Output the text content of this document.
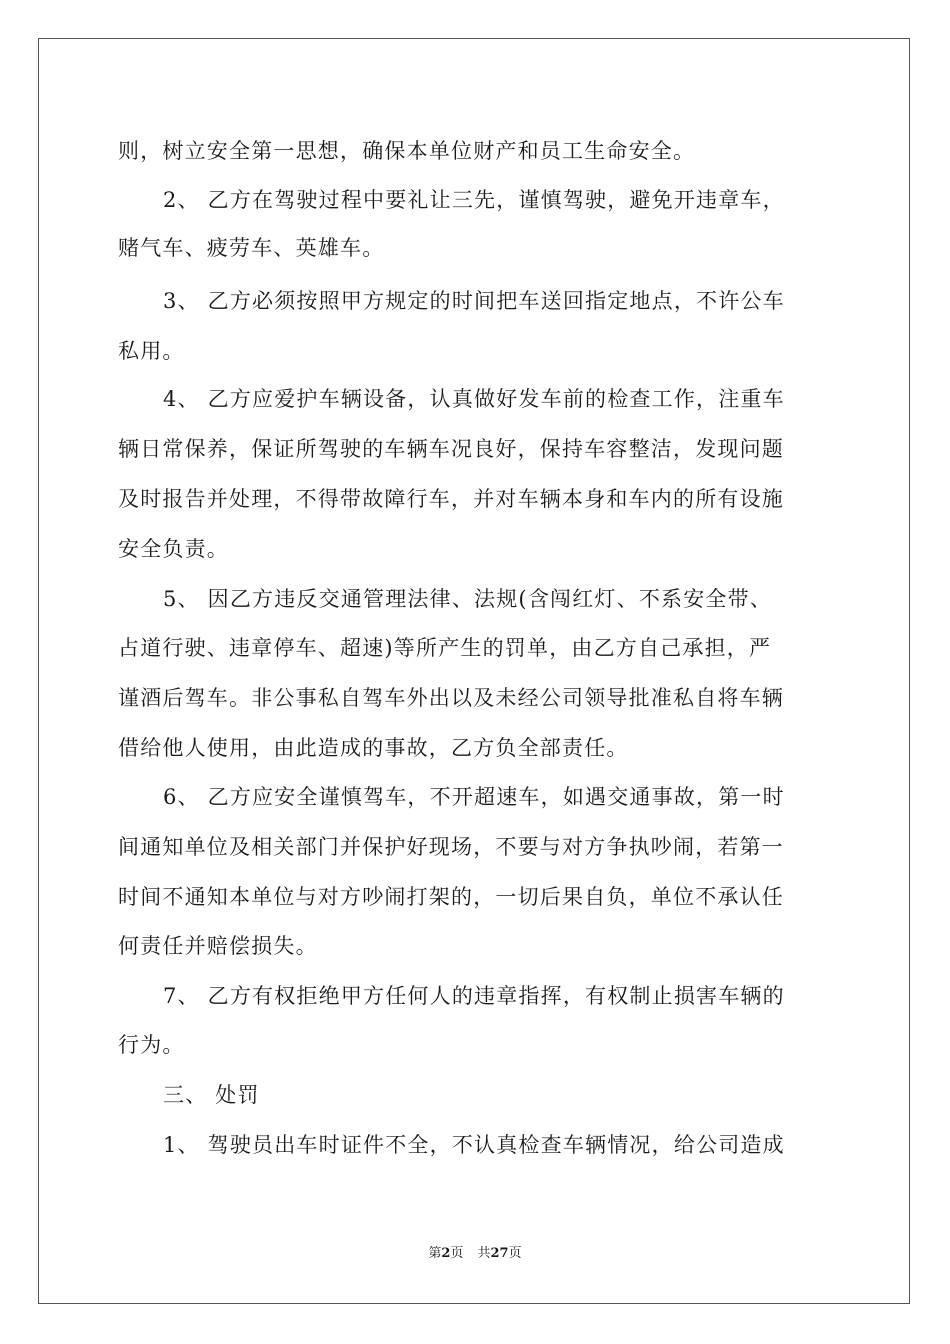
则，树立安全第一思想，确保本单位财产和员工生命安全。
2、 乙方在驾驶过程中要礼让三先，谨慎驾驶，避免开违章车，
赌气车、疲劳车、英雄车。
3、 乙方必须按照甲方规定的时间把车送回指定地点，不许公车
私用。
4、 乙方应爱护车辆设备，认真做好发车前的检查工作，注重车
辆日常保养，保证所驾驶的车辆车况良好，保持车容整洁，发现问题
及时报告并处理，不得带故障行车，并对车辆本身和车内的所有设施
安全负责。
5、 因乙方违反交通管理法律、法规(含闯红灯、不系安全带、
占道行驶、违章停车、超速)等所产生的罚单，由乙方自己承担，严
谨酒后驾车。非公事私自驾车外出以及未经公司领导批准私自将车辆
借给他人使用，由此造成的事故，乙方负全部责任。
6、 乙方应安全谨慎驾车，不开超速车，如遇交通事故，第一时
间通知单位及相关部门并保护好现场，不要与对方争执吵闹，若第一
时间不通知本单位与对方吵闹打架的，一切后果自负，单位不承认任
何责任并赔偿损失。
7、 乙方有权拒绝甲方任何人的违章指挥，有权制止损害车辆的
行为。
三、 处罚
1、 驾驶员出车时证件不全，不认真检查车辆情况，给公司造成
第2页 共27页
